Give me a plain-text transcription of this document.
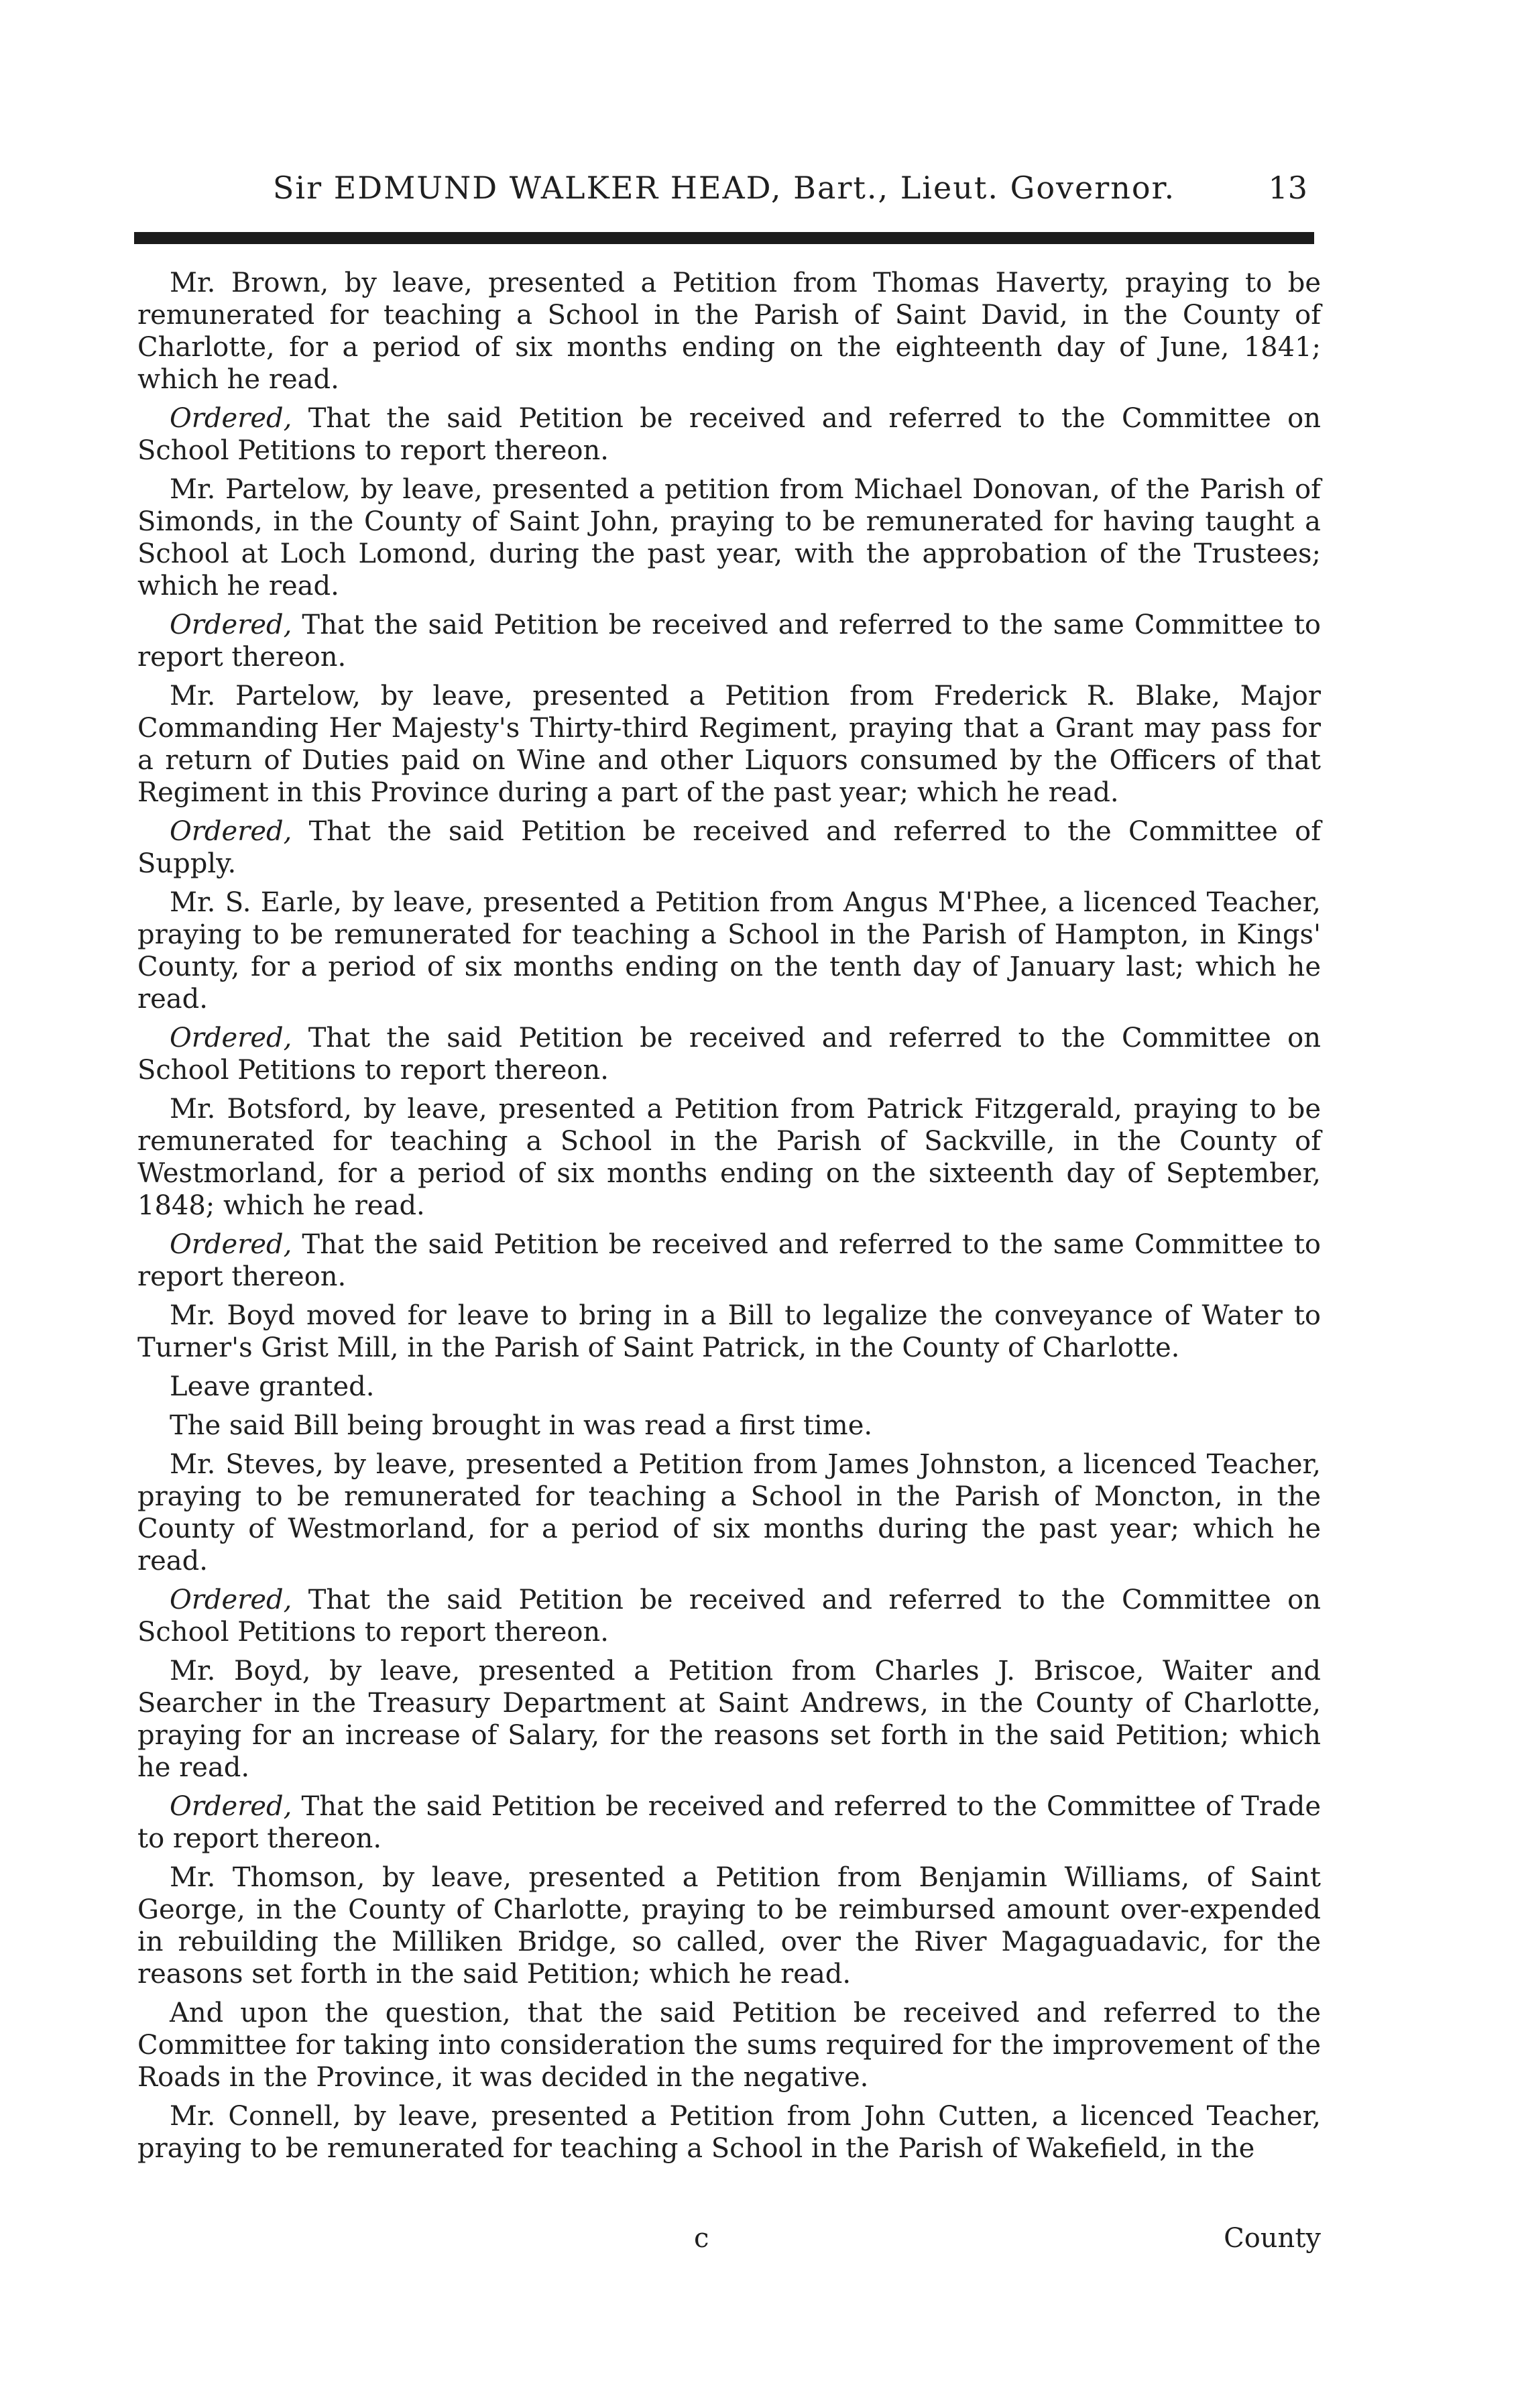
Sir EDMUND WALKER HEAD, Bart., Lieut. Governor.	13

Mr. Brown, by leave, presented a Petition from Thomas Haverty, praying to be remunerated for teaching a School in the Parish of Saint David, in the County of Charlotte, for a period of six months ending on the eighteenth day of June, 1841; which he read.

Ordered, That the said Petition be received and referred to the Committee on School Petitions to report thereon.

Mr. Partelow, by leave, presented a petition from Michael Donovan, of the Parish of Simonds, in the County of Saint John, praying to be remunerated for having taught a School at Loch Lomond, during the past year, with the approbation of the Trustees; which he read.

Ordered, That the said Petition be received and referred to the same Committee to report thereon.

Mr. Partelow, by leave, presented a Petition from Frederick R. Blake, Major Commanding Her Majesty's Thirty-third Regiment, praying that a Grant may pass for a return of Duties paid on Wine and other Liquors consumed by the Officers of that Regiment in this Province during a part of the past year; which he read.

Ordered, That the said Petition be received and referred to the Committee of Supply.

Mr. S. Earle, by leave, presented a Petition from Angus M'Phee, a licenced Teacher, praying to be remunerated for teaching a School in the Parish of Hampton, in Kings' County, for a period of six months ending on the tenth day of January last; which he read.

Ordered, That the said Petition be received and referred to the Committee on School Petitions to report thereon.

Mr. Botsford, by leave, presented a Petition from Patrick Fitzgerald, praying to be remunerated for teaching a School in the Parish of Sackville, in the County of Westmorland, for a period of six months ending on the sixteenth day of September, 1848; which he read.

Ordered, That the said Petition be received and referred to the same Committee to report thereon.

Mr. Boyd moved for leave to bring in a Bill to legalize the conveyance of Water to Turner's Grist Mill, in the Parish of Saint Patrick, in the County of Charlotte.

Leave granted.

The said Bill being brought in was read a first time.

Mr. Steves, by leave, presented a Petition from James Johnston, a licenced Teacher, praying to be remunerated for teaching a School in the Parish of Moncton, in the County of Westmorland, for a period of six months during the past year; which he read.

Ordered, That the said Petition be received and referred to the Committee on School Petitions to report thereon.

Mr. Boyd, by leave, presented a Petition from Charles J. Briscoe, Waiter and Searcher in the Treasury Department at Saint Andrews, in the County of Charlotte, praying for an increase of Salary, for the reasons set forth in the said Petition; which he read.

Ordered, That the said Petition be received and referred to the Committee of Trade to report thereon.

Mr. Thomson, by leave, presented a Petition from Benjamin Williams, of Saint George, in the County of Charlotte, praying to be reimbursed amount over-expended in rebuilding the Milliken Bridge, so called, over the River Magaguadavic, for the reasons set forth in the said Petition; which he read.

And upon the question, that the said Petition be received and referred to the Committee for taking into consideration the sums required for the improvement of the Roads in the Province, it was decided in the negative.

Mr. Connell, by leave, presented a Petition from John Cutten, a licenced Teacher, praying to be remunerated for teaching a School in the Parish of Wakefield, in the

c	County
